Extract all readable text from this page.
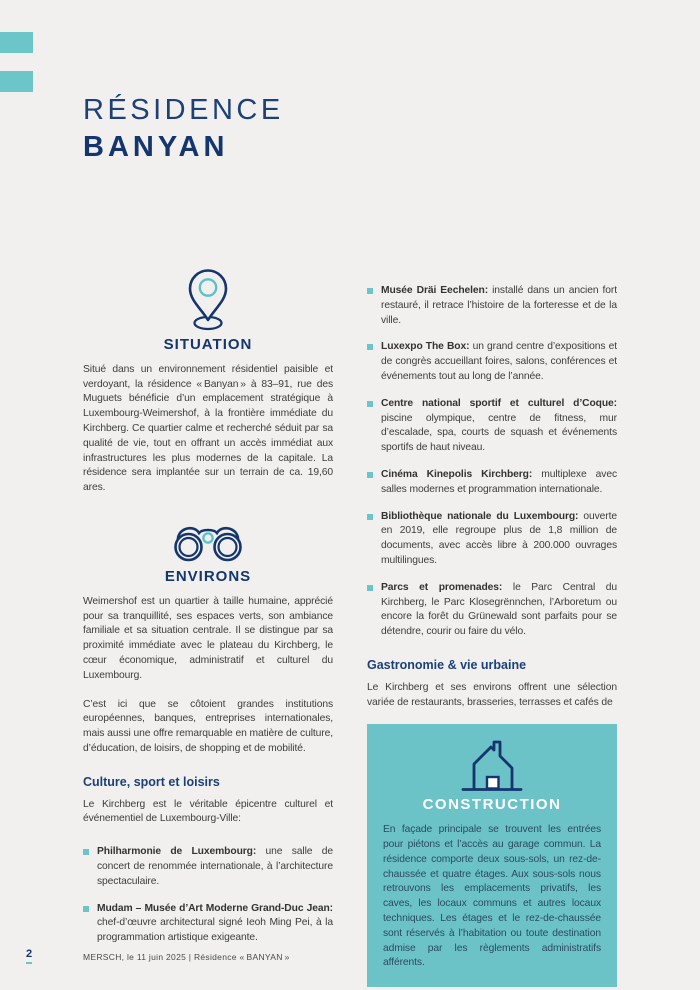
RÉSIDENCE
BANYAN
SITUATION

Situé dans un environnement résidentiel paisible et verdoyant, la résidence « Banyan » à 83–91, rue des Muguets bénéficie d’un emplacement stratégique à Luxembourg-Weimershof, à la frontière immédiate du Kirchberg. Ce quartier calme et recherché séduit par sa qualité de vie, tout en offrant un accès immédiat aux infrastructures les plus modernes de la capitale. La résidence sera implantée sur un terrain de ca. 19,60 ares.

ENVIRONS

Weimershof est un quartier à taille humaine, apprécié pour sa tranquillité, ses espaces verts, son ambiance familiale et sa situation centrale. Il se distingue par sa proximité immédiate avec le plateau du Kirchberg, le cœur économique, administratif et culturel du Luxembourg.

C’est ici que se côtoient grandes institutions européennes, banques, entreprises internationales, mais aussi une offre remarquable en matière de culture, d’éducation, de loisirs, de shopping et de mobilité.

Culture, sport et loisirs

Le Kirchberg est le véritable épicentre culturel et événementiel de Luxembourg-Ville:

Philharmonie de Luxembourg: une salle de concert de renommée internationale, à l’architecture spectaculaire.
Mudam – Musée d’Art Moderne Grand-Duc Jean: chef-d’œuvre architectural signé Ieoh Ming Pei, à la programmation artistique exigeante.
Musée Dräi Eechelen: installé dans un ancien fort restauré, il retrace l’histoire de la forteresse et de la ville.
Luxexpo The Box: un grand centre d’expositions et de congrès accueillant foires, salons, conférences et événements tout au long de l’année.
Centre national sportif et culturel d’Coque: piscine olympique, centre de fitness, mur d’escalade, spa, courts de squash et événements sportifs de haut niveau.
Cinéma Kinepolis Kirchberg: multiplexe avec salles modernes et programmation internationale.
Bibliothèque nationale du Luxembourg: ouverte en 2019, elle regroupe plus de 1,8 million de documents, avec accès libre à 200.000 ouvrages multilingues.
Parcs et promenades: le Parc Central du Kirchberg, le Parc Klosegrënnchen, l’Arboretum ou encore la forêt du Grünewald sont parfaits pour se détendre, courir ou faire du vélo.
Gastronomie & vie urbaine

Le Kirchberg et ses environs offrent une sélection variée de restaurants, brasseries, terrasses et cafés de

CONSTRUCTION

En façade principale se trouvent les entrées pour piétons et l’accès au garage commun. La résidence comporte deux sous-sols, un rez-de-chaussée et quatre étages. Aux sous-sols nous retrouvons les emplacements privatifs, les caves, les locaux communs et autres locaux techniques. Les étages et le rez-de-chaussée sont réservés à l’habitation ou toute destination admise par les règlements administratifs afférents.

2	MERSCH, le 11 juin 2025 | Résidence « BANYAN »
